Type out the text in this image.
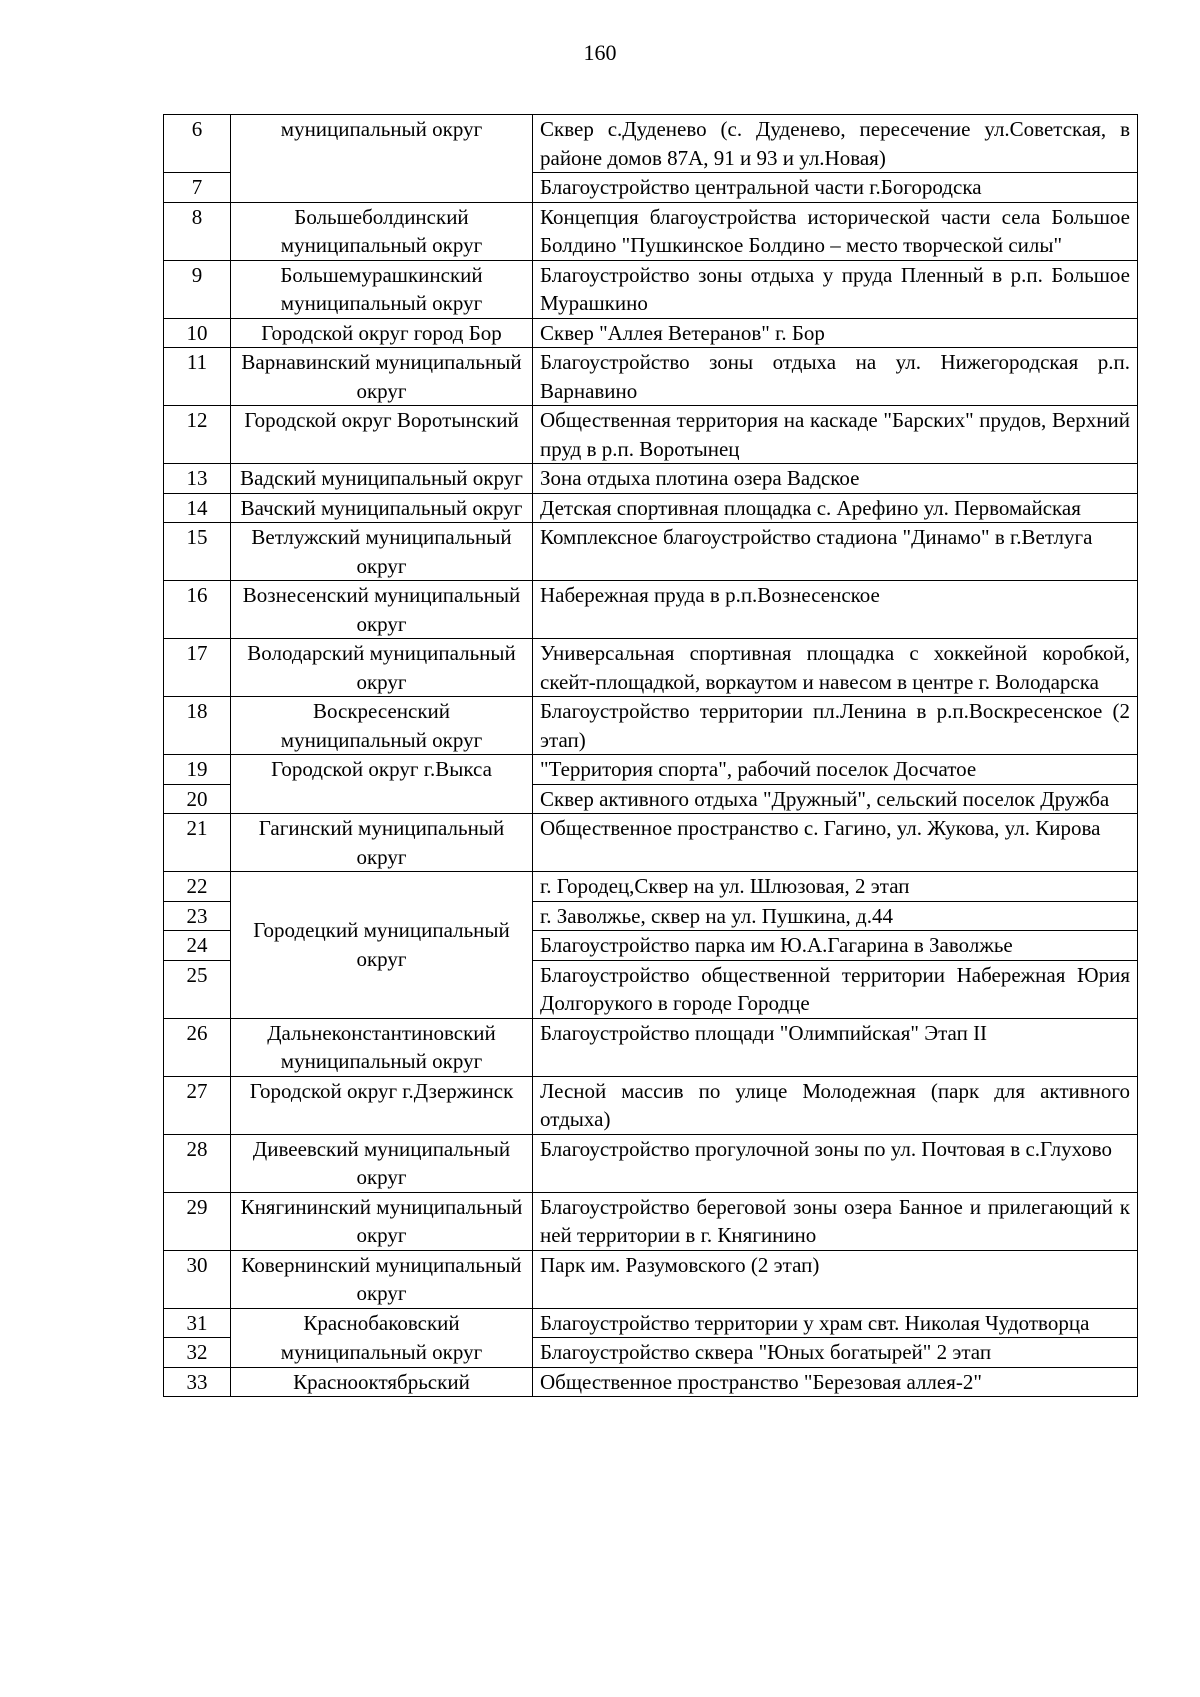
160
6	муниципальный округ	Сквер с.Дуденево (с. Дуденево, пересечение ул.Советская, в районе домов 87А, 91 и 93 и ул.Новая)
7		Благоустройство центральной части г.Богородска
8	Большеболдинский муниципальный округ	Концепция благоустройства исторической части села Большое Болдино "Пушкинское Болдино – место творческой силы"
9	Большемурашкинский муниципальный округ	Благоустройство зоны отдыха у пруда Пленный в р.п. Большое Мурашкино
10	Городской округ город Бор	Сквер "Аллея Ветеранов" г. Бор
11	Варнавинский муниципальный округ	Благоустройство зоны отдыха на ул. Нижегородская р.п. Варнавино
12	Городской округ Воротынский	Общественная территория на каскаде "Барских" прудов, Верхний пруд в р.п. Воротынец
13	Вадский муниципальный округ	Зона отдыха плотина озера Вадское
14	Вачский муниципальный округ	Детская спортивная площадка с. Арефино ул. Первомайская
15	Ветлужский муниципальный округ	Комплексное благоустройство стадиона "Динамо" в г.Ветлуга
16	Вознесенский муниципальный округ	Набережная пруда в р.п.Вознесенское
17	Володарский муниципальный округ	Универсальная спортивная площадка с хоккейной коробкой, скейт-площадкой, воркаутом и навесом в центре г. Володарска
18	Воскресенский муниципальный округ	Благоустройство территории пл.Ленина в р.п.Воскресенское (2 этап)
19	Городской округ г.Выкса	"Территория спорта", рабочий поселок Досчатое
20		Сквер активного отдыха "Дружный", сельский поселок Дружба
21	Гагинский муниципальный округ	Общественное пространство с. Гагино, ул. Жукова, ул. Кирова
22	Городецкий муниципальный округ	г. Городец,Сквер на ул. Шлюзовая, 2 этап
23		г. Заволжье, сквер на ул. Пушкина, д.44
24		Благоустройство парка им Ю.А.Гагарина в Заволжье
25		Благоустройство общественной территории Набережная Юрия Долгорукого в городе Городце
26	Дальнеконстантиновский муниципальный округ	Благоустройство площади "Олимпийская" Этап II
27	Городской округ г.Дзержинск	Лесной массив по улице Молодежная (парк для активного отдыха)
28	Дивеевский муниципальный округ	Благоустройство прогулочной зоны по ул. Почтовая в с.Глухово
29	Княгининский муниципальный округ	Благоустройство береговой зоны озера Банное и прилегающий к ней территории в г. Княгинино
30	Ковернинский муниципальный округ	Парк им. Разумовского (2 этап)
31	Краснобаковский муниципальный округ	Благоустройство территории у храм свт. Николая Чудотворца
32		Благоустройство сквера "Юных богатырей" 2 этап
33	Краснооктябрьский	Общественное пространство "Березовая аллея-2"
